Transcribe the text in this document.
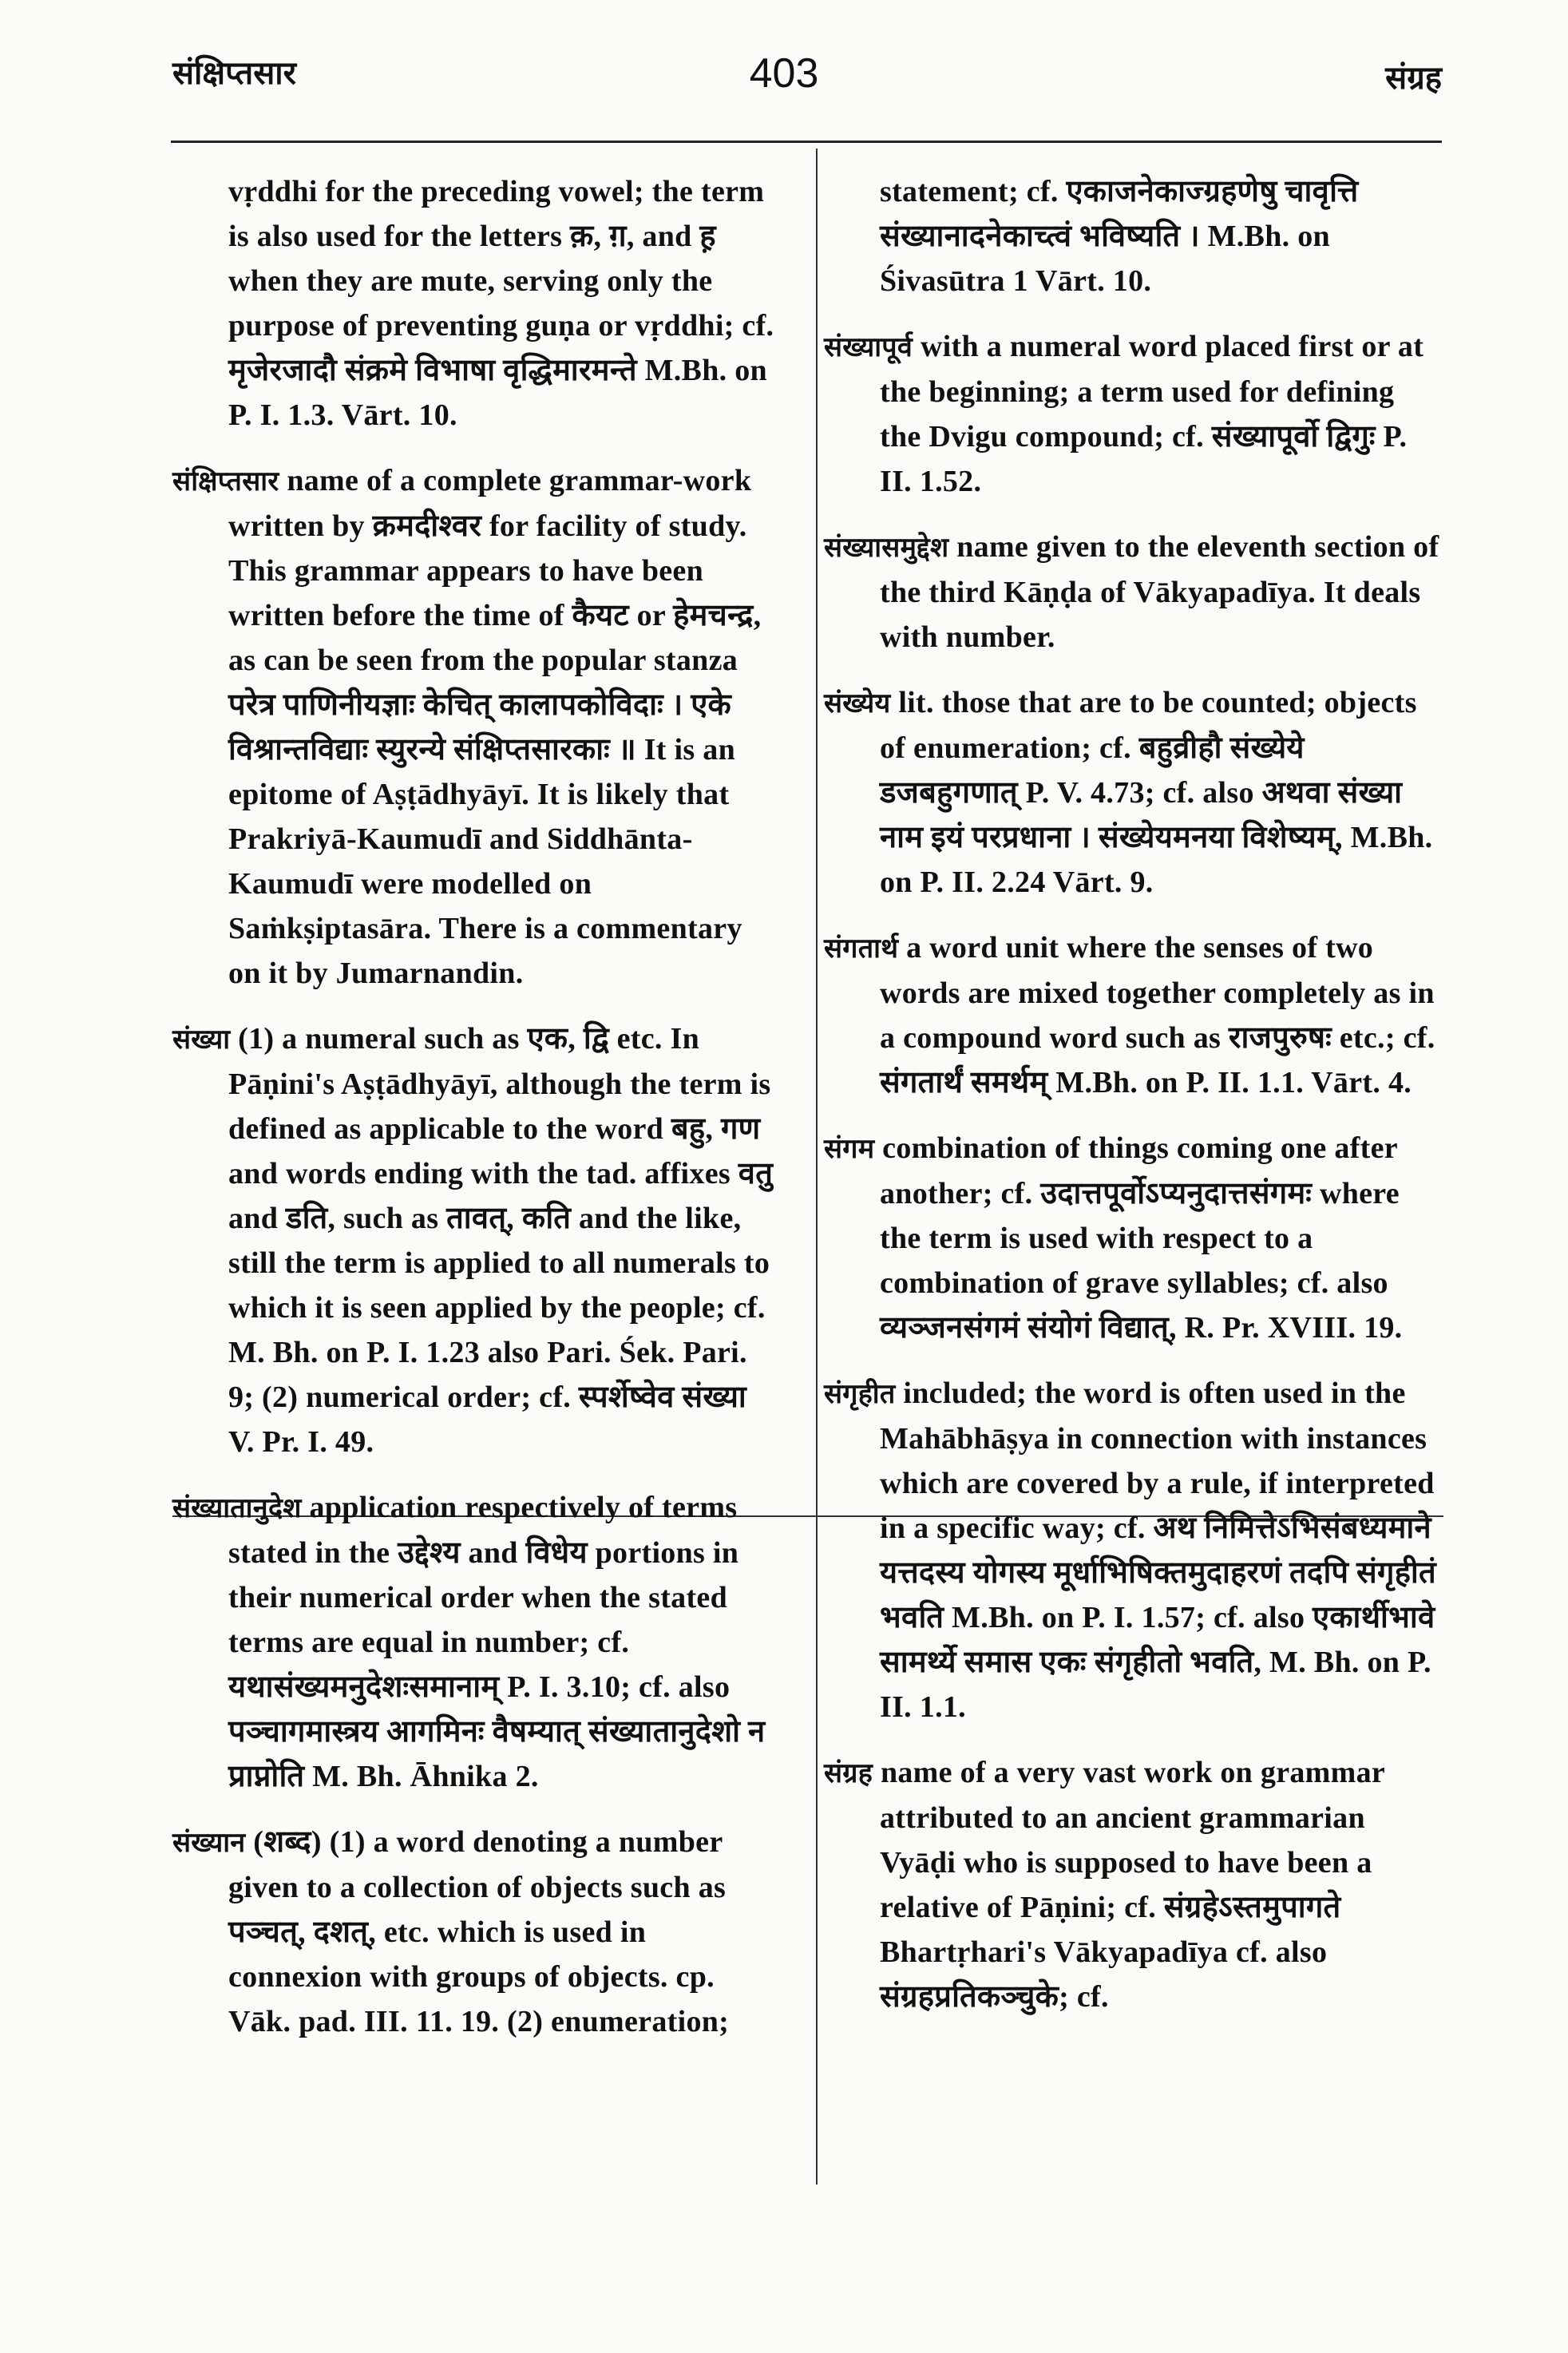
संक्षिप्तसार	403	संग्रह
vṛddhi for the preceding vowel; the term is also used for the letters क़, ग़, and ह़ when they are mute, serving only the purpose of preventing guṇa or vṛddhi; cf. मृजेरजादौ संक्रमे विभाषा वृद्धिमारमन्ते M.Bh. on P. I. 1.3. Vārt. 10.
संक्षिप्तसार name of a complete grammar-work written by क्रमदीश्वर for facility of study. This grammar appears to have been written before the time of कैयट or हेमचन्द्र, as can be seen from the popular stanza परेत्र पाणिनीयज्ञाः केचित् कालापकोविदाः । एके विश्रान्तविद्याः स्युरन्ये संक्षिप्तसारकाः ॥ It is an epitome of Aṣṭādhyāyī. It is likely that Prakriyā-Kaumudī and Siddhānta-Kaumudī were modelled on Saṁkṣiptasāra. There is a commentary on it by Jumarnandin.
संख्या (1) a numeral such as एक, द्वि etc. In Pāṇini's Aṣṭādhyāyī, although the term is defined as applicable to the word बहु, गण and words ending with the tad. affixes वतु and डति, such as तावत्, कति and the like, still the term is applied to all numerals to which it is seen applied by the people; cf. M. Bh. on P. I. 1.23 also Pari. Śek. Pari. 9; (2) numerical order; cf. स्पर्शेष्वेव संख्या V. Pr. I. 49.
संख्यातानुदेश application respectively of terms stated in the उद्देश्य and विधेय portions in their numerical order when the stated terms are equal in number; cf. यथासंख्यमनुदेशःसमानाम् P. I. 3.10; cf. also पञ्चागमास्त्रय आगमिनः वैषम्यात् संख्यातानुदेशो न प्राप्नोति M. Bh. Āhnika 2.
संख्यान (शब्द) (1) a word denoting a number given to a collection of objects such as पञ्चत्, दशत्, etc. which is used in connexion with groups of objects. cp. Vāk. pad. III. 11. 19. (2) enumeration;
statement; cf. एकाजनेकाज्ग्रहणेषु चावृत्ति संख्यानादनेकाच्त्वं भविष्यति । M.Bh. on Śivasūtra 1 Vārt. 10.
संख्यापूर्व with a numeral word placed first or at the beginning; a term used for defining the Dvigu compound; cf. संख्यापूर्वो द्विगुः P. II. 1.52.
संख्यासमुद्देश name given to the eleventh section of the third Kāṇḍa of Vākyapadīya. It deals with number.
संख्येय lit. those that are to be counted; objects of enumeration; cf. बहुव्रीहौ संख्येये डजबहुगणात् P. V. 4.73; cf. also अथवा संख्या नाम इयं परप्रधाना । संख्येयमनया विशेष्यम्, M.Bh. on P. II. 2.24 Vārt. 9.
संगतार्थ a word unit where the senses of two words are mixed together completely as in a compound word such as राजपुरुषः etc.; cf. संगतार्थं समर्थम् M.Bh. on P. II. 1.1. Vārt. 4.
संगम combination of things coming one after another; cf. उदात्तपूर्वोऽप्यनुदात्तसंगमः where the term is used with respect to a combination of grave syllables; cf. also व्यञ्जनसंगमं संयोगं विद्यात्, R. Pr. XVIII. 19.
संगृहीत included; the word is often used in the Mahābhāṣya in connection with instances which are covered by a rule, if interpreted in a specific way; cf. अथ निमित्तेऽभिसंबध्यमाने यत्तदस्य योगस्य मूर्धाभिषिक्तमुदाहरणं तदपि संगृहीतं भवति M.Bh. on P. I. 1.57; cf. also एकार्थीभावे सामर्थ्ये समास एकः संगृहीतो भवति, M. Bh. on P. II. 1.1.
संग्रह name of a very vast work on grammar attributed to an ancient grammarian Vyāḍi who is supposed to have been a relative of Pāṇini; cf. संग्रहेऽस्तमुपागते Bhartṛhari's Vākyapadīya cf. also संग्रहप्रतिकञ्चुके; cf.
